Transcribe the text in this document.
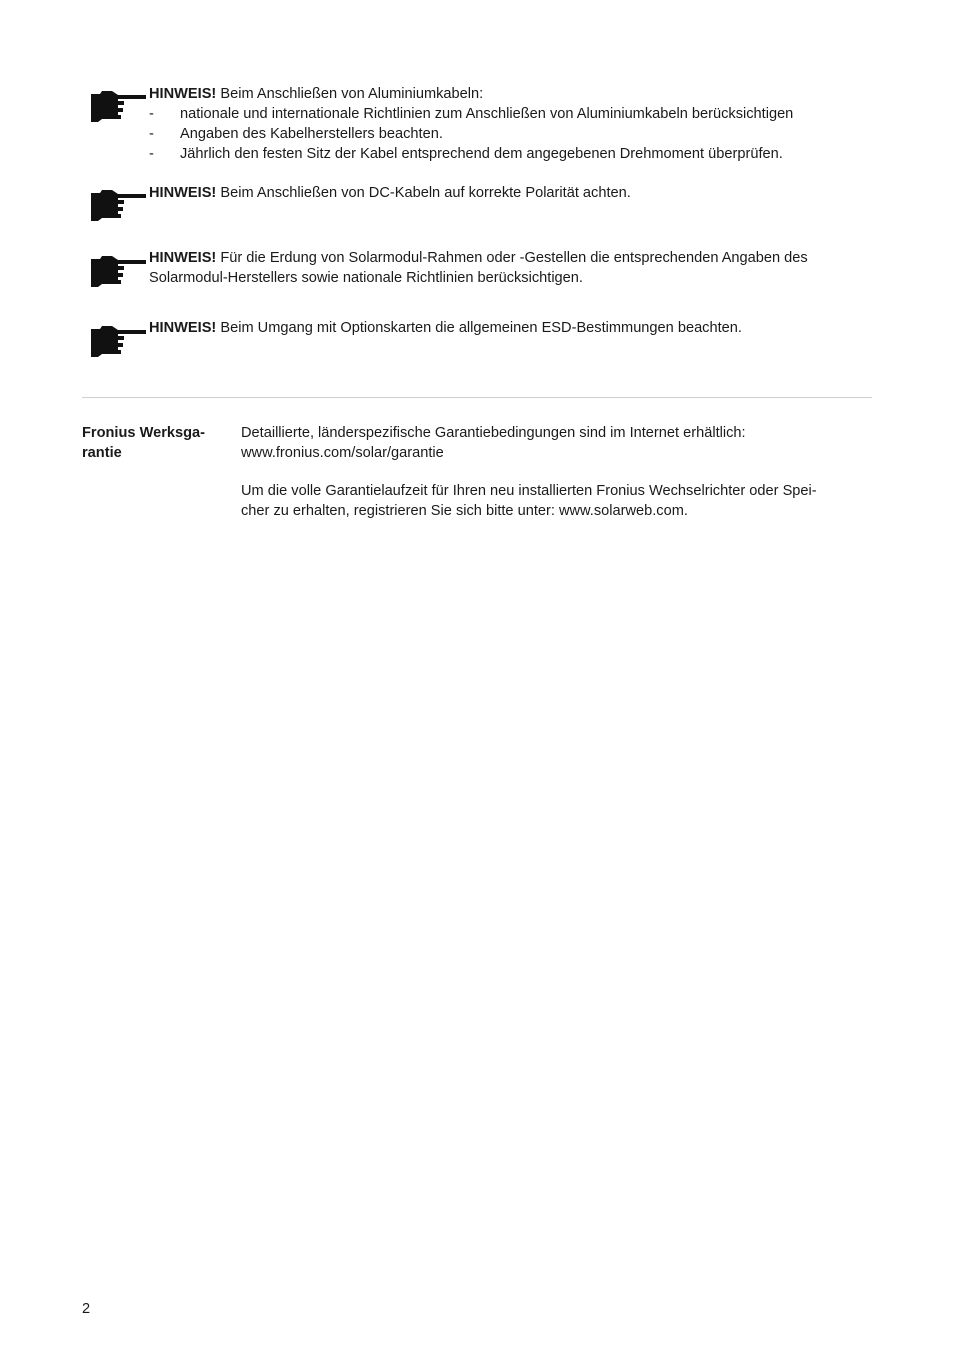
HINWEIS! Beim Anschließen von Aluminiumkabeln:
- nationale und internationale Richtlinien zum Anschließen von Aluminiumkabeln berücksichtigen
- Angaben des Kabelherstellers beachten.
- Jährlich den festen Sitz der Kabel entsprechend dem angegebenen Drehmoment überprüfen.
HINWEIS! Beim Anschließen von DC-Kabeln auf korrekte Polarität achten.
HINWEIS! Für die Erdung von Solarmodul-Rahmen oder -Gestellen die entsprechenden Angaben des Solarmodul-Herstellers sowie nationale Richtlinien berücksichtigen.
HINWEIS! Beim Umgang mit Optionskarten die allgemeinen ESD-Bestimmungen beachten.
Fronius Werksga-
rantie

Detaillierte, länderspezifische Garantiebedingungen sind im Internet erhältlich:
www.fronius.com/solar/garantie

Um die volle Garantielaufzeit für Ihren neu installierten Fronius Wechselrichter oder Spei-
cher zu erhalten, registrieren Sie sich bitte unter: www.solarweb.com.

2
